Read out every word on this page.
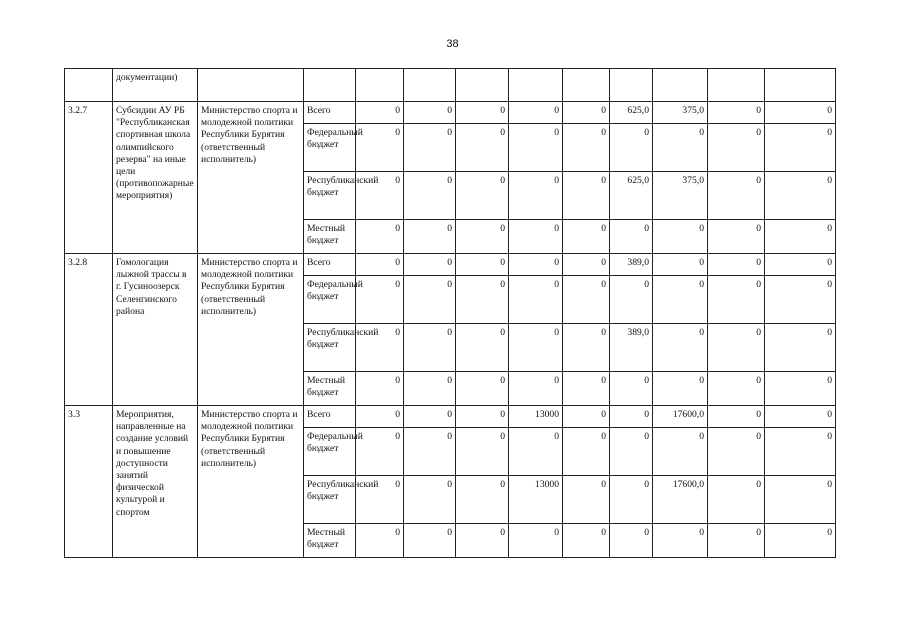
38
	документации)											
3.2.7	Субсидии АУ РБ "Республиканская спортивная школа олимпийского резерва" на иные цели (противопожарные мероприятия)	Министерство спорта и молодежной политики Республики Бурятия (ответственный исполнитель)	Всего	0	0	0	0	0	625,0	375,0	0	0
			Федеральный бюджет	0	0	0	0	0	0	0	0	0
			Республиканский бюджет	0	0	0	0	0	625,0	375,0	0	0
			Местный бюджет	0	0	0	0	0	0	0	0	0
3.2.8	Гомологация лыжной трассы в г. Гусиноозерск Селенгинского района	Министерство спорта и молодежной политики Республики Бурятия (ответственный исполнитель)	Всего	0	0	0	0	0	389,0	0	0	0
			Федеральный бюджет	0	0	0	0	0	0	0	0	0
			Республиканский бюджет	0	0	0	0	0	389,0	0	0	0
			Местный бюджет	0	0	0	0	0	0	0	0	0
3.3	Мероприятия, направленные на создание условий и повышение доступности занятий физической культурой и спортом	Министерство спорта и молодежной политики Республики Бурятия (ответственный исполнитель)	Всего	0	0	0	13000	0	0	17600,0	0	0
			Федеральный бюджет	0	0	0	0	0	0	0	0	0
			Республиканский бюджет	0	0	0	13000	0	0	17600,0	0	0
			Местный бюджет	0	0	0	0	0	0	0	0	0
